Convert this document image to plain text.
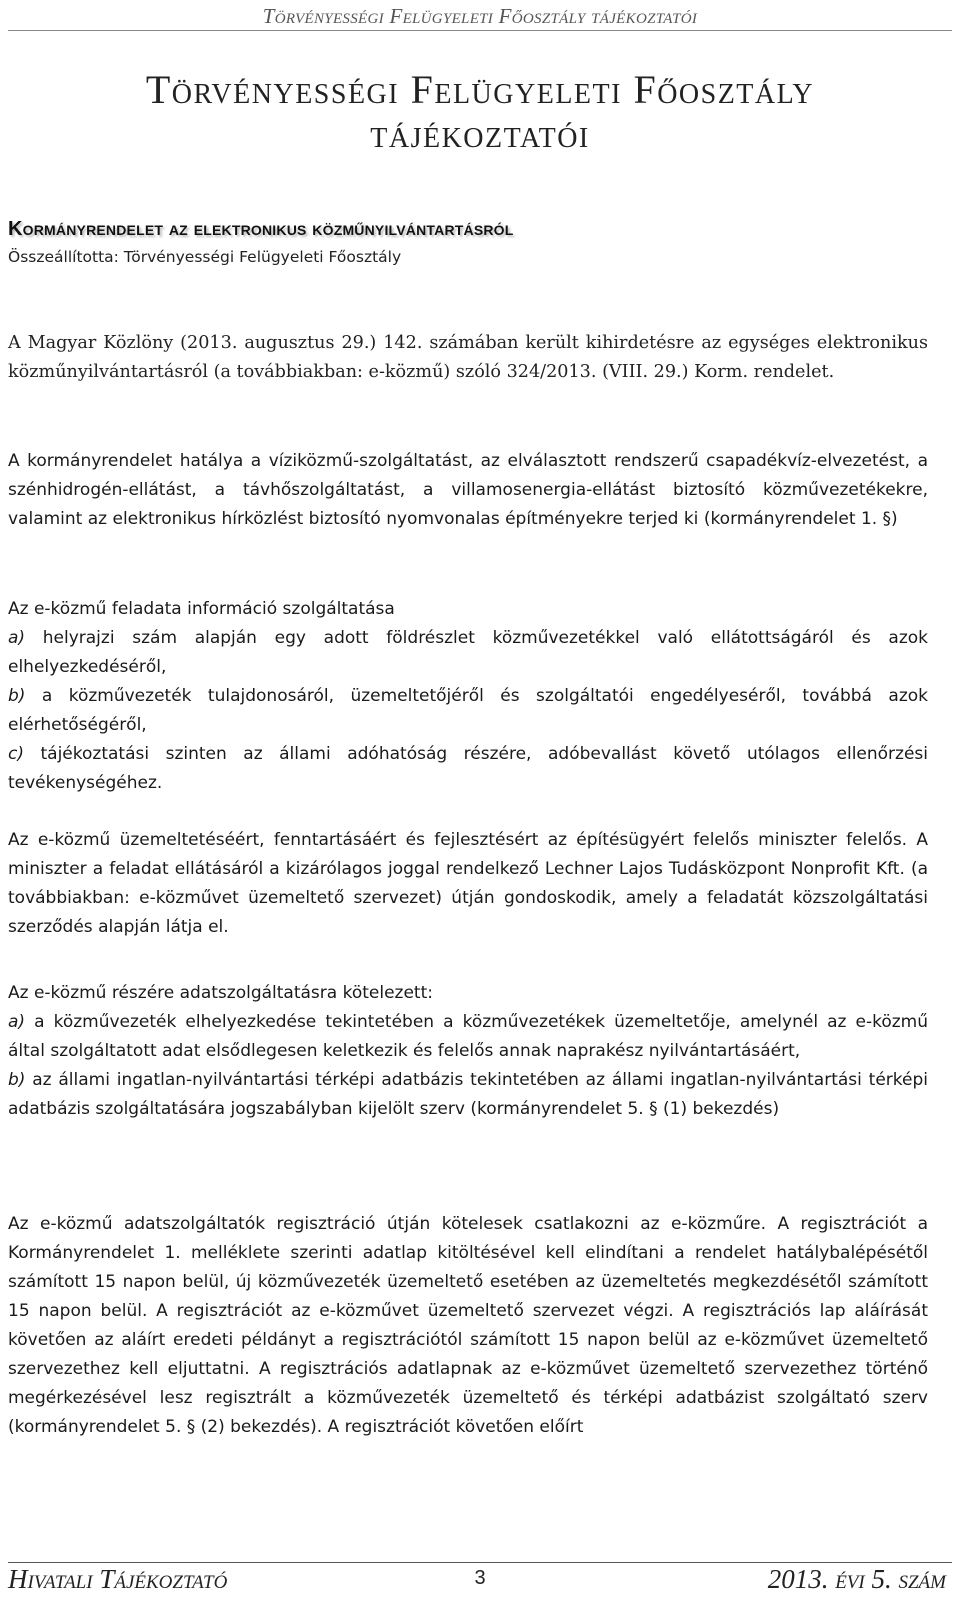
Törvényességi Felügyeleti Főosztály tájékoztatói
Törvényességi Felügyeleti Főosztály
tájékoztatói
Kormányrendelet az elektronikus közműnyilvántartásról
Összeállította: Törvényességi Felügyeleti Főosztály
A Magyar Közlöny (2013. augusztus 29.) 142. számában került kihirdetésre az egységes elektronikus közműnyilvántartásról (a továbbiakban: e-közmű) szóló 324/2013. (VIII. 29.) Korm. rendelet.

A kormányrendelet hatálya a víziközmű-szolgáltatást, az elválasztott rendszerű csapadékvíz-elvezetést, a szénhidrogén-ellátást, a távhőszolgáltatást, a villamosenergia-ellátást biztosító közművezetékekre, valamint az elektronikus hírközlést biztosító nyomvonalas építményekre terjed ki (kormányrendelet 1. §)

Az e-közmű feladata információ szolgáltatása

a) helyrajzi szám alapján egy adott földrészlet közművezetékkel való ellátottságáról és azok elhelyezkedéséről,

b) a közművezeték tulajdonosáról, üzemeltetőjéről és szolgáltatói engedélyeséről, továbbá azok elérhetőségéről,

c) tájékoztatási szinten az állami adóhatóság részére, adóbevallást követő utólagos ellenőrzési tevékenységéhez.

Az e-közmű üzemeltetéséért, fenntartásáért és fejlesztésért az építésügyért felelős miniszter felelős. A miniszter a feladat ellátásáról a kizárólagos joggal rendelkező Lechner Lajos Tudásközpont Nonprofit Kft. (a továbbiakban: e-közművet üzemeltető szervezet) útján gondoskodik, amely a feladatát közszolgáltatási szerződés alapján látja el.

Az e-közmű részére adatszolgáltatásra kötelezett:

a) a közművezeték elhelyezkedése tekintetében a közművezetékek üzemeltetője, amelynél az e-közmű által szolgáltatott adat elsődlegesen keletkezik és felelős annak naprakész nyilvántartásáért,

b) az állami ingatlan-nyilvántartási térképi adatbázis tekintetében az állami ingatlan-nyilvántartási térképi adatbázis szolgáltatására jogszabályban kijelölt szerv (kormányrendelet 5. § (1) bekezdés)

Az e-közmű adatszolgáltatók regisztráció útján kötelesek csatlakozni az e-közműre. A regisztrációt a Kormányrendelet 1. melléklete szerinti adatlap kitöltésével kell elindítani a rendelet hatálybalépésétől számított 15 napon belül, új közművezeték üzemeltető esetében az üzemeltetés megkezdésétől számított 15 napon belül. A regisztrációt az e-közművet üzemeltető szervezet végzi. A regisztrációs lap aláírását követően az aláírt eredeti példányt a regisztrációtól számított 15 napon belül az e-közművet üzemeltető szervezethez kell eljuttatni. A regisztrációs adatlapnak az e-közművet üzemeltető szervezethez történő megérkezésével lesz regisztrált a közművezeték üzemeltető és térképi adatbázist szolgáltató szerv (kormányrendelet 5. § (2) bekezdés). A regisztrációt követően előírt

Hivatali Tájékoztató	3	2013. évi 5. szám
